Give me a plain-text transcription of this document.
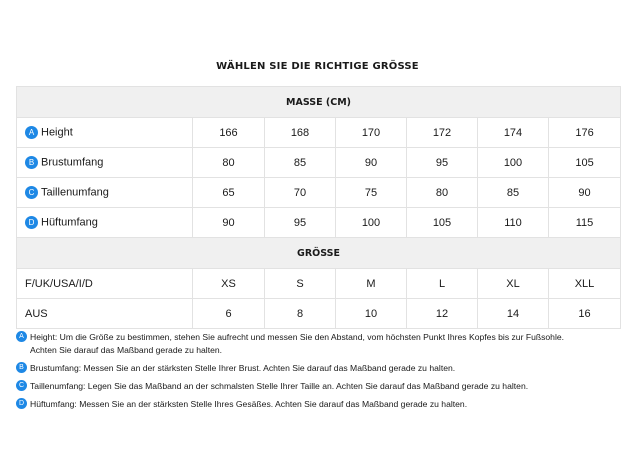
WÄHLEN SIE DIE RICHTIGE GRÖSSE
MASSE (CM)						
A Height	166	168	170	172	174	176
B Brustumfang	80	85	90	95	100	105
C Taillenumfang	65	70	75	80	85	90
D Hüftumfang	90	95	100	105	110	115
GRÖSSE						
F/UK/USA/I/D	XS	S	M	L	XL	XLL
AUS	6	8	10	12	14	16
A Height: Um die Größe zu bestimmen, stehen Sie aufrecht und messen Sie den Abstand, vom höchsten Punkt Ihres Kopfes bis zur Fußsohle.
Achten Sie darauf das Maßband gerade zu halten.
B Brustumfang: Messen Sie an der stärksten Stelle Ihrer Brust. Achten Sie darauf das Maßband gerade zu halten.
C Taillenumfang: Legen Sie das Maßband an der schmalsten Stelle Ihrer Taille an. Achten Sie darauf das Maßband gerade zu halten.
D Hüftumfang: Messen Sie an der stärksten Stelle Ihres Gesäßes. Achten Sie darauf das Maßband gerade zu halten.
